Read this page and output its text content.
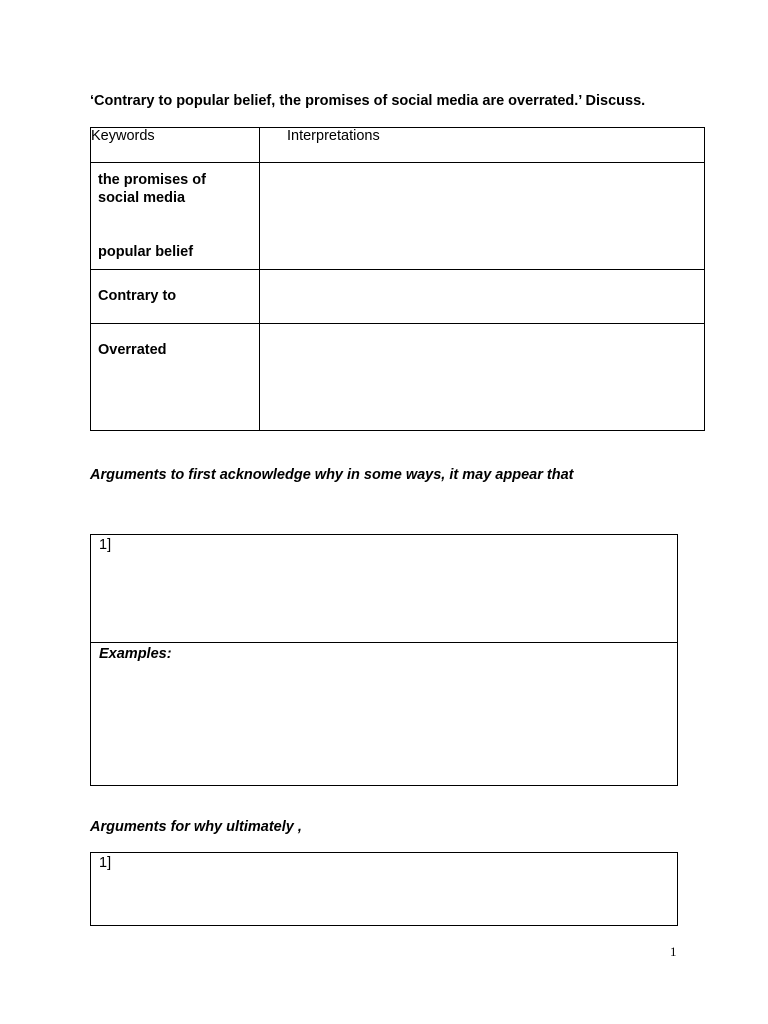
‘Contrary to popular belief, the promises of social media are overrated.’ Discuss.
Keywords	Interpretations

the promises of social media
popular belief	

Contrary to	
Overrated	
Arguments to first acknowledge why in some ways, it may appear that
1]
Examples:
Arguments for why ultimately ,
1]
1
